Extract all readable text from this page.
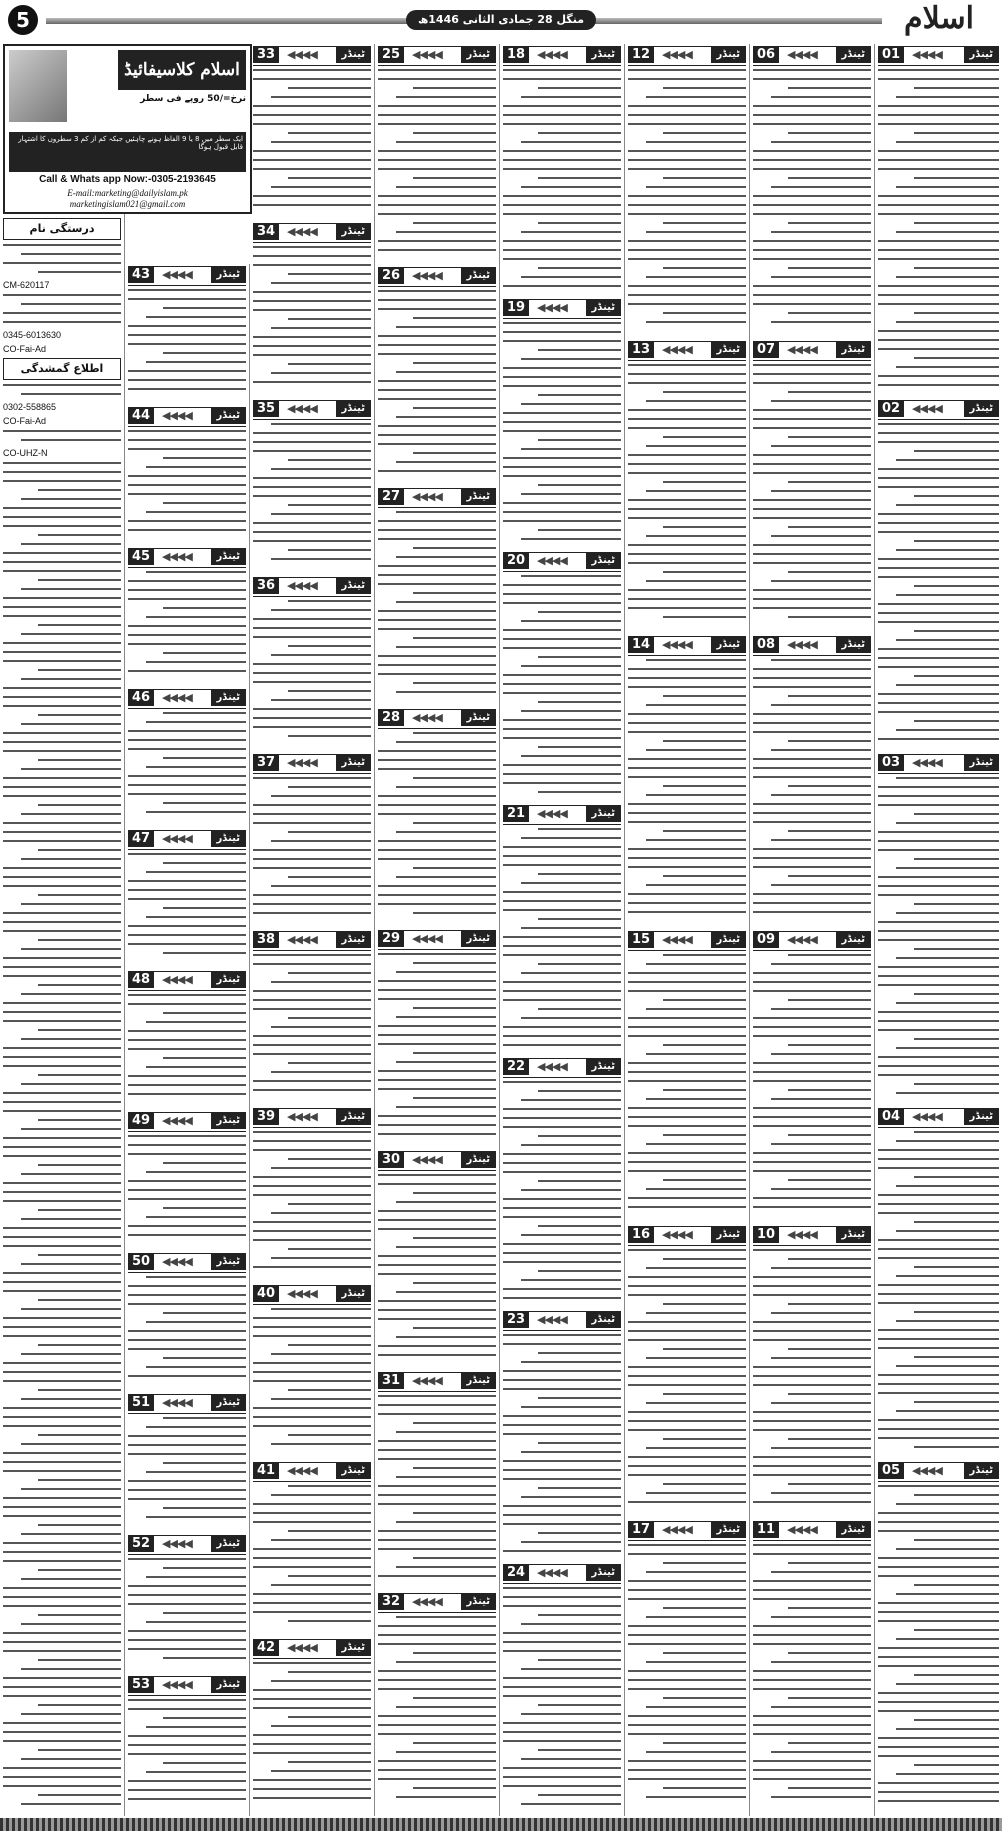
5	منگل 28 جمادی الثانی 1446ھ مطابق 31 دسمبر 2024ء
اسلام
اسلام کلاسیفائیڈ
نرخ=/50 روپے فی سطر
ایک سطر میں 8 یا 9 الفاظ ہونے چاہئیں جبکہ کم از کم 3 سطروں کا اشتہار قابل قبول ہوگا
Call & Whats app Now:-0305-2193645
E-mail:marketing@dailyislam.pk
marketingislam021@gmail.com
درستگی نام
CM-620117
0345-6013630
CO-Fai-Ad
اطلاع گمشدگی
0302-558865
CO-Fai-Ad
CO-UHZ-N
43	◀◀◀◀	ٹینڈر
44	◀◀◀◀	ٹینڈر
45	◀◀◀◀	ٹینڈر
46	◀◀◀◀	ٹینڈر
47	◀◀◀◀	ٹینڈر
48	◀◀◀◀	ٹینڈر
49	◀◀◀◀	ٹینڈر
50	◀◀◀◀	ٹینڈر
51	◀◀◀◀	ٹینڈر
52	◀◀◀◀	ٹینڈر
53	◀◀◀◀	ٹینڈر
33	◀◀◀◀	ٹینڈر
34	◀◀◀◀	ٹینڈر
35	◀◀◀◀	ٹینڈر
36	◀◀◀◀	ٹینڈر
37	◀◀◀◀	ٹینڈر
38	◀◀◀◀	ٹینڈر
39	◀◀◀◀	ٹینڈر
40	◀◀◀◀	ٹینڈر
41	◀◀◀◀	ٹینڈر
42	◀◀◀◀	ٹینڈر
25	◀◀◀◀	ٹینڈر
26	◀◀◀◀	ٹینڈر
27	◀◀◀◀	ٹینڈر
28	◀◀◀◀	ٹینڈر
29	◀◀◀◀	ٹینڈر
30	◀◀◀◀	ٹینڈر
31	◀◀◀◀	ٹینڈر
32	◀◀◀◀	ٹینڈر
18	◀◀◀◀	ٹینڈر
19	◀◀◀◀	ٹینڈر
20	◀◀◀◀	ٹینڈر
21	◀◀◀◀	ٹینڈر
22	◀◀◀◀	ٹینڈر
23	◀◀◀◀	ٹینڈر
24	◀◀◀◀	ٹینڈر
12	◀◀◀◀	ٹینڈر
13	◀◀◀◀	ٹینڈر
14	◀◀◀◀	ٹینڈر
15	◀◀◀◀	ٹینڈر
16	◀◀◀◀	ٹینڈر
17	◀◀◀◀	ٹینڈر
06	◀◀◀◀	ٹینڈر
07	◀◀◀◀	ٹینڈر
08	◀◀◀◀	ٹینڈر
09	◀◀◀◀	ٹینڈر
10	◀◀◀◀	ٹینڈر
11	◀◀◀◀	ٹینڈر
01	◀◀◀◀	ٹینڈر
02	◀◀◀◀	ٹینڈر
03	◀◀◀◀	ٹینڈر
04	◀◀◀◀	ٹینڈر
05	◀◀◀◀	ٹینڈر
